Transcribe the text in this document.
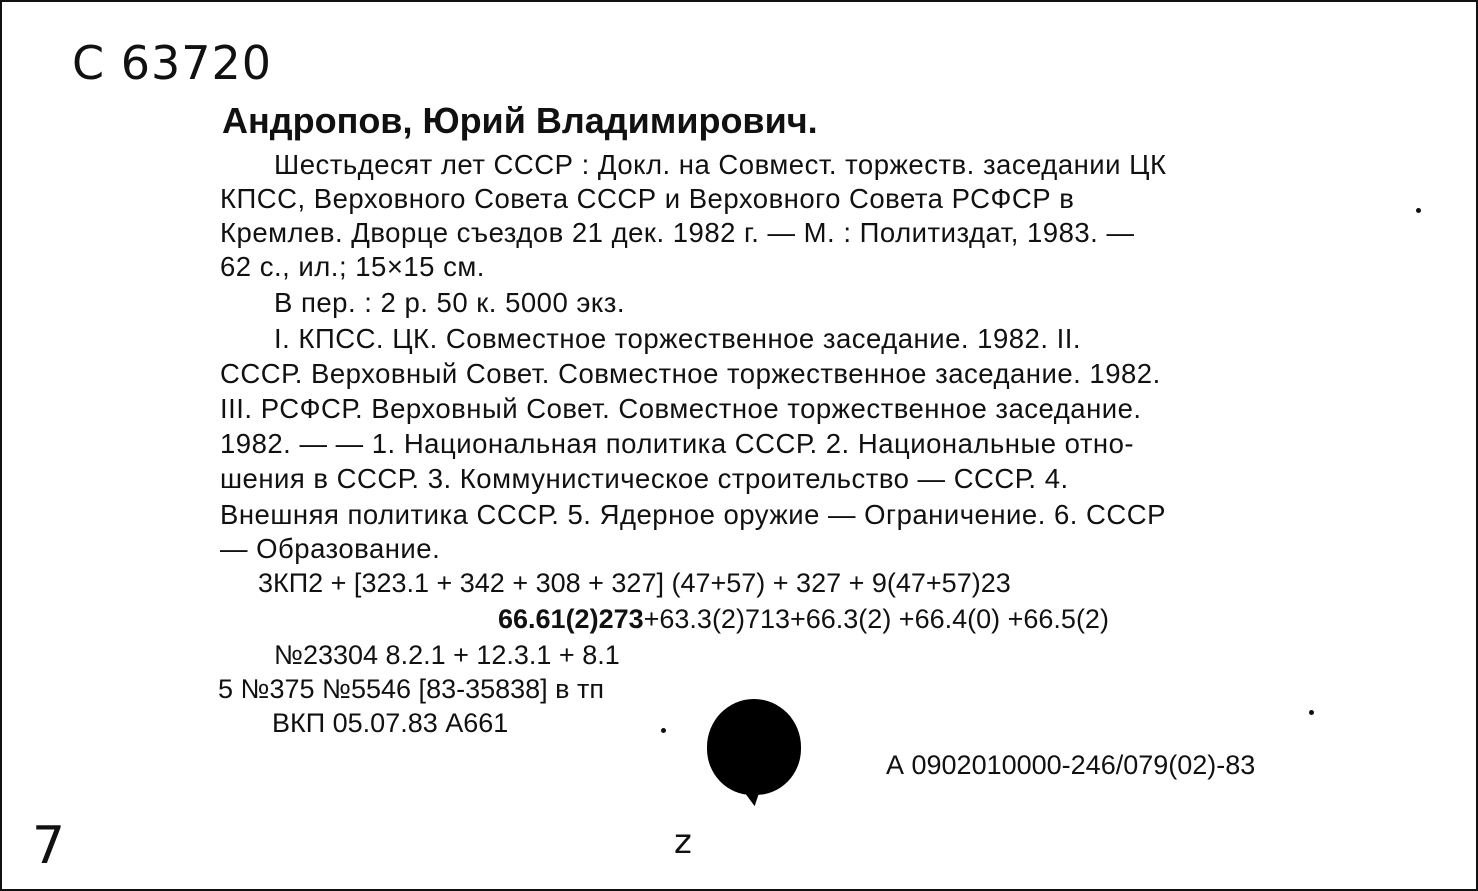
С 63720
Андропов, Юрий Владимирович.
Шестьдесят лет СССР : Докл. на Совмест. торжеств. заседании ЦК
КПСС, Верховного Совета СССР и Верховного Совета РСФСР в
Кремлев. Дворце съездов 21 дек. 1982 г. — М. : Политиздат, 1983. —
62 с., ил.; 15×15 см.
В пер. : 2 р. 50 к. 5000 экз.
I. КПСС. ЦК. Совместное торжественное заседание. 1982. II.
СССР. Верховный Совет. Совместное торжественное заседание. 1982.
III. РСФСР. Верховный Совет. Совместное торжественное заседание.
1982. — — 1. Национальная политика СССР. 2. Национальные отно-
шения в СССР. 3. Коммунистическое строительство — СССР. 4.
Внешняя политика СССР. 5. Ядерное оружие — Ограничение. 6. СССР
— Образование.
3КП2 + [323.1 + 342 + 308 + 327] (47+57) + 327 + 9(47+57)23
66.61(2)273+63.3(2)713+66.3(2) +66.4(0) +66.5(2)
№23304 8.2.1 + 12.3.1 + 8.1
5 №375 №5546 [83-35838] в тп
ВКП 05.07.83 А661
А 0902010000-246/079(02)-83
7	z
